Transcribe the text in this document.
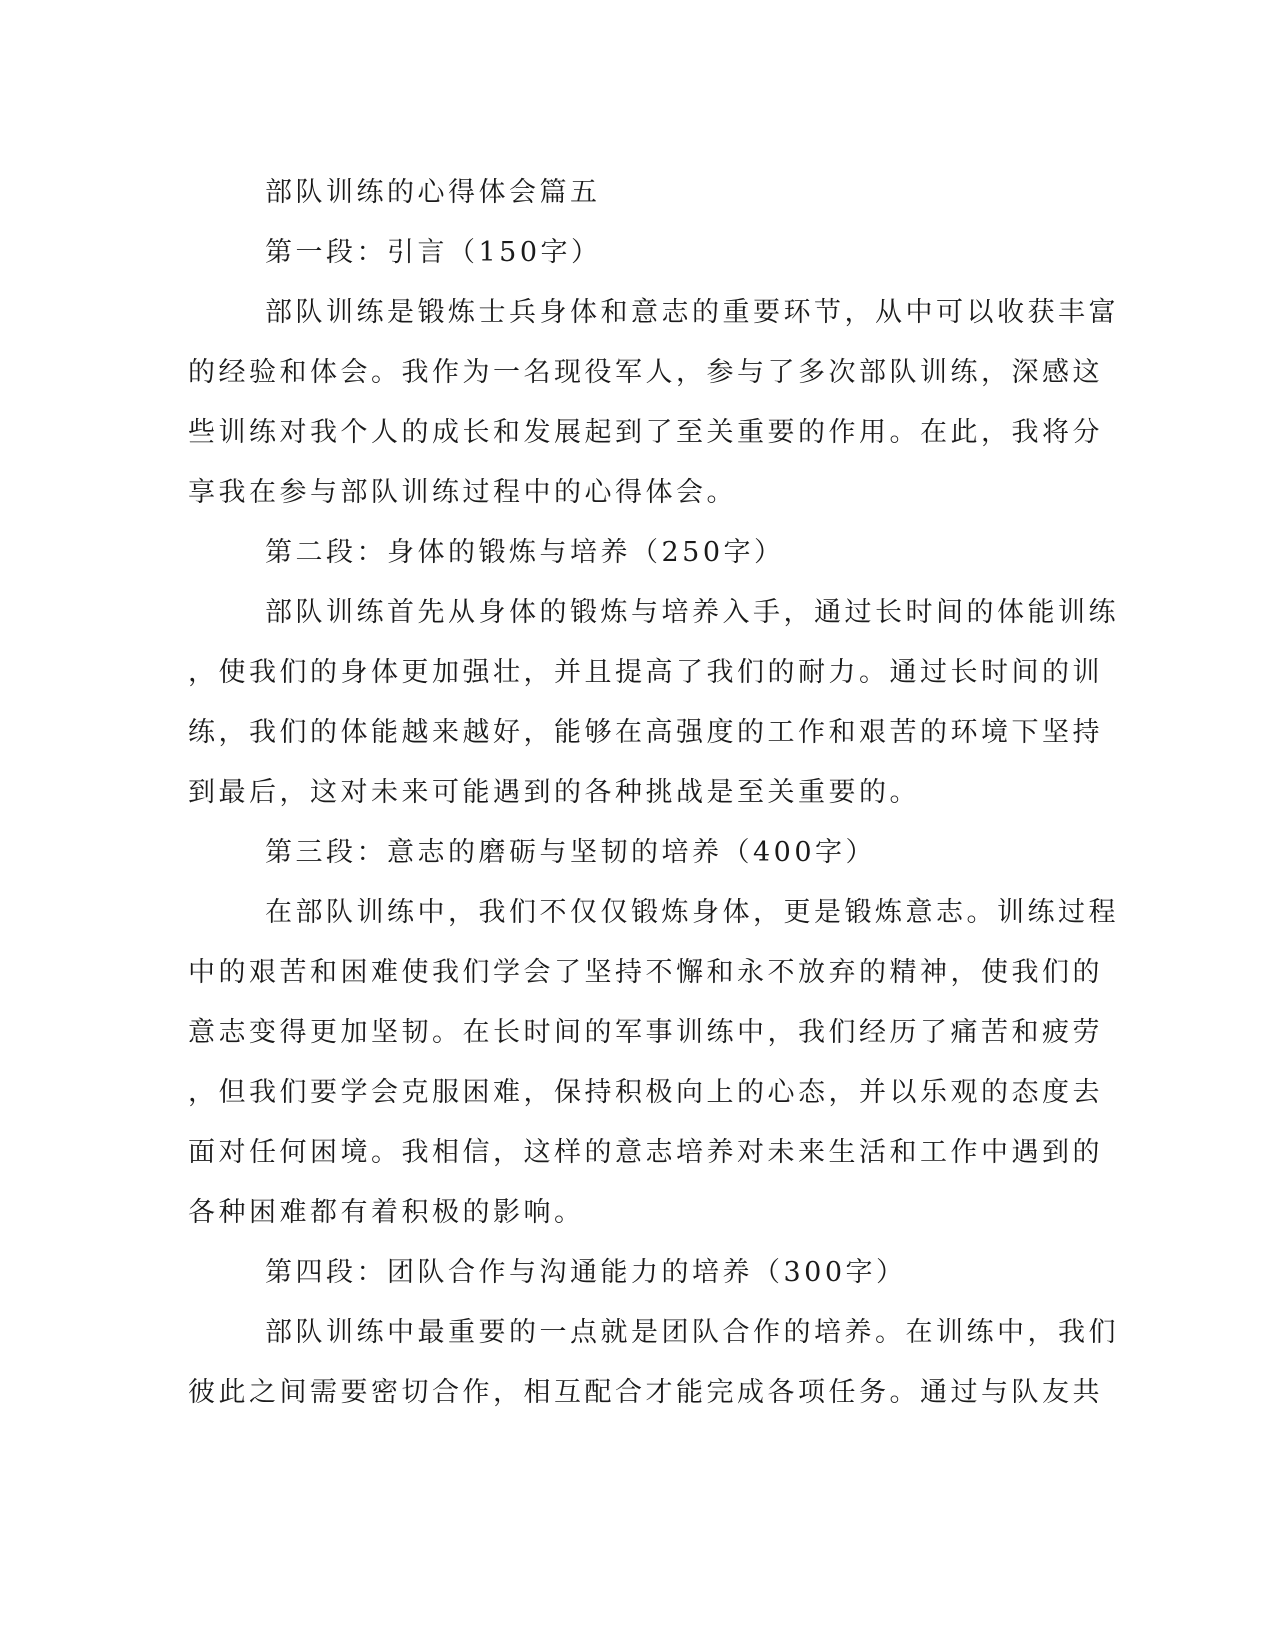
部队训练的心得体会篇五
第一段：引言（150字）
部队训练是锻炼士兵身体和意志的重要环节，从中可以收获丰富
的经验和体会。我作为一名现役军人，参与了多次部队训练，深感这
些训练对我个人的成长和发展起到了至关重要的作用。在此，我将分
享我在参与部队训练过程中的心得体会。
第二段：身体的锻炼与培养（250字）
部队训练首先从身体的锻炼与培养入手，通过长时间的体能训练
，使我们的身体更加强壮，并且提高了我们的耐力。通过长时间的训
练，我们的体能越来越好，能够在高强度的工作和艰苦的环境下坚持
到最后，这对未来可能遇到的各种挑战是至关重要的。
第三段：意志的磨砺与坚韧的培养（400字）
在部队训练中，我们不仅仅锻炼身体，更是锻炼意志。训练过程
中的艰苦和困难使我们学会了坚持不懈和永不放弃的精神，使我们的
意志变得更加坚韧。在长时间的军事训练中，我们经历了痛苦和疲劳
，但我们要学会克服困难，保持积极向上的心态，并以乐观的态度去
面对任何困境。我相信，这样的意志培养对未来生活和工作中遇到的
各种困难都有着积极的影响。
第四段：团队合作与沟通能力的培养（300字）
部队训练中最重要的一点就是团队合作的培养。在训练中，我们
彼此之间需要密切合作，相互配合才能完成各项任务。通过与队友共
